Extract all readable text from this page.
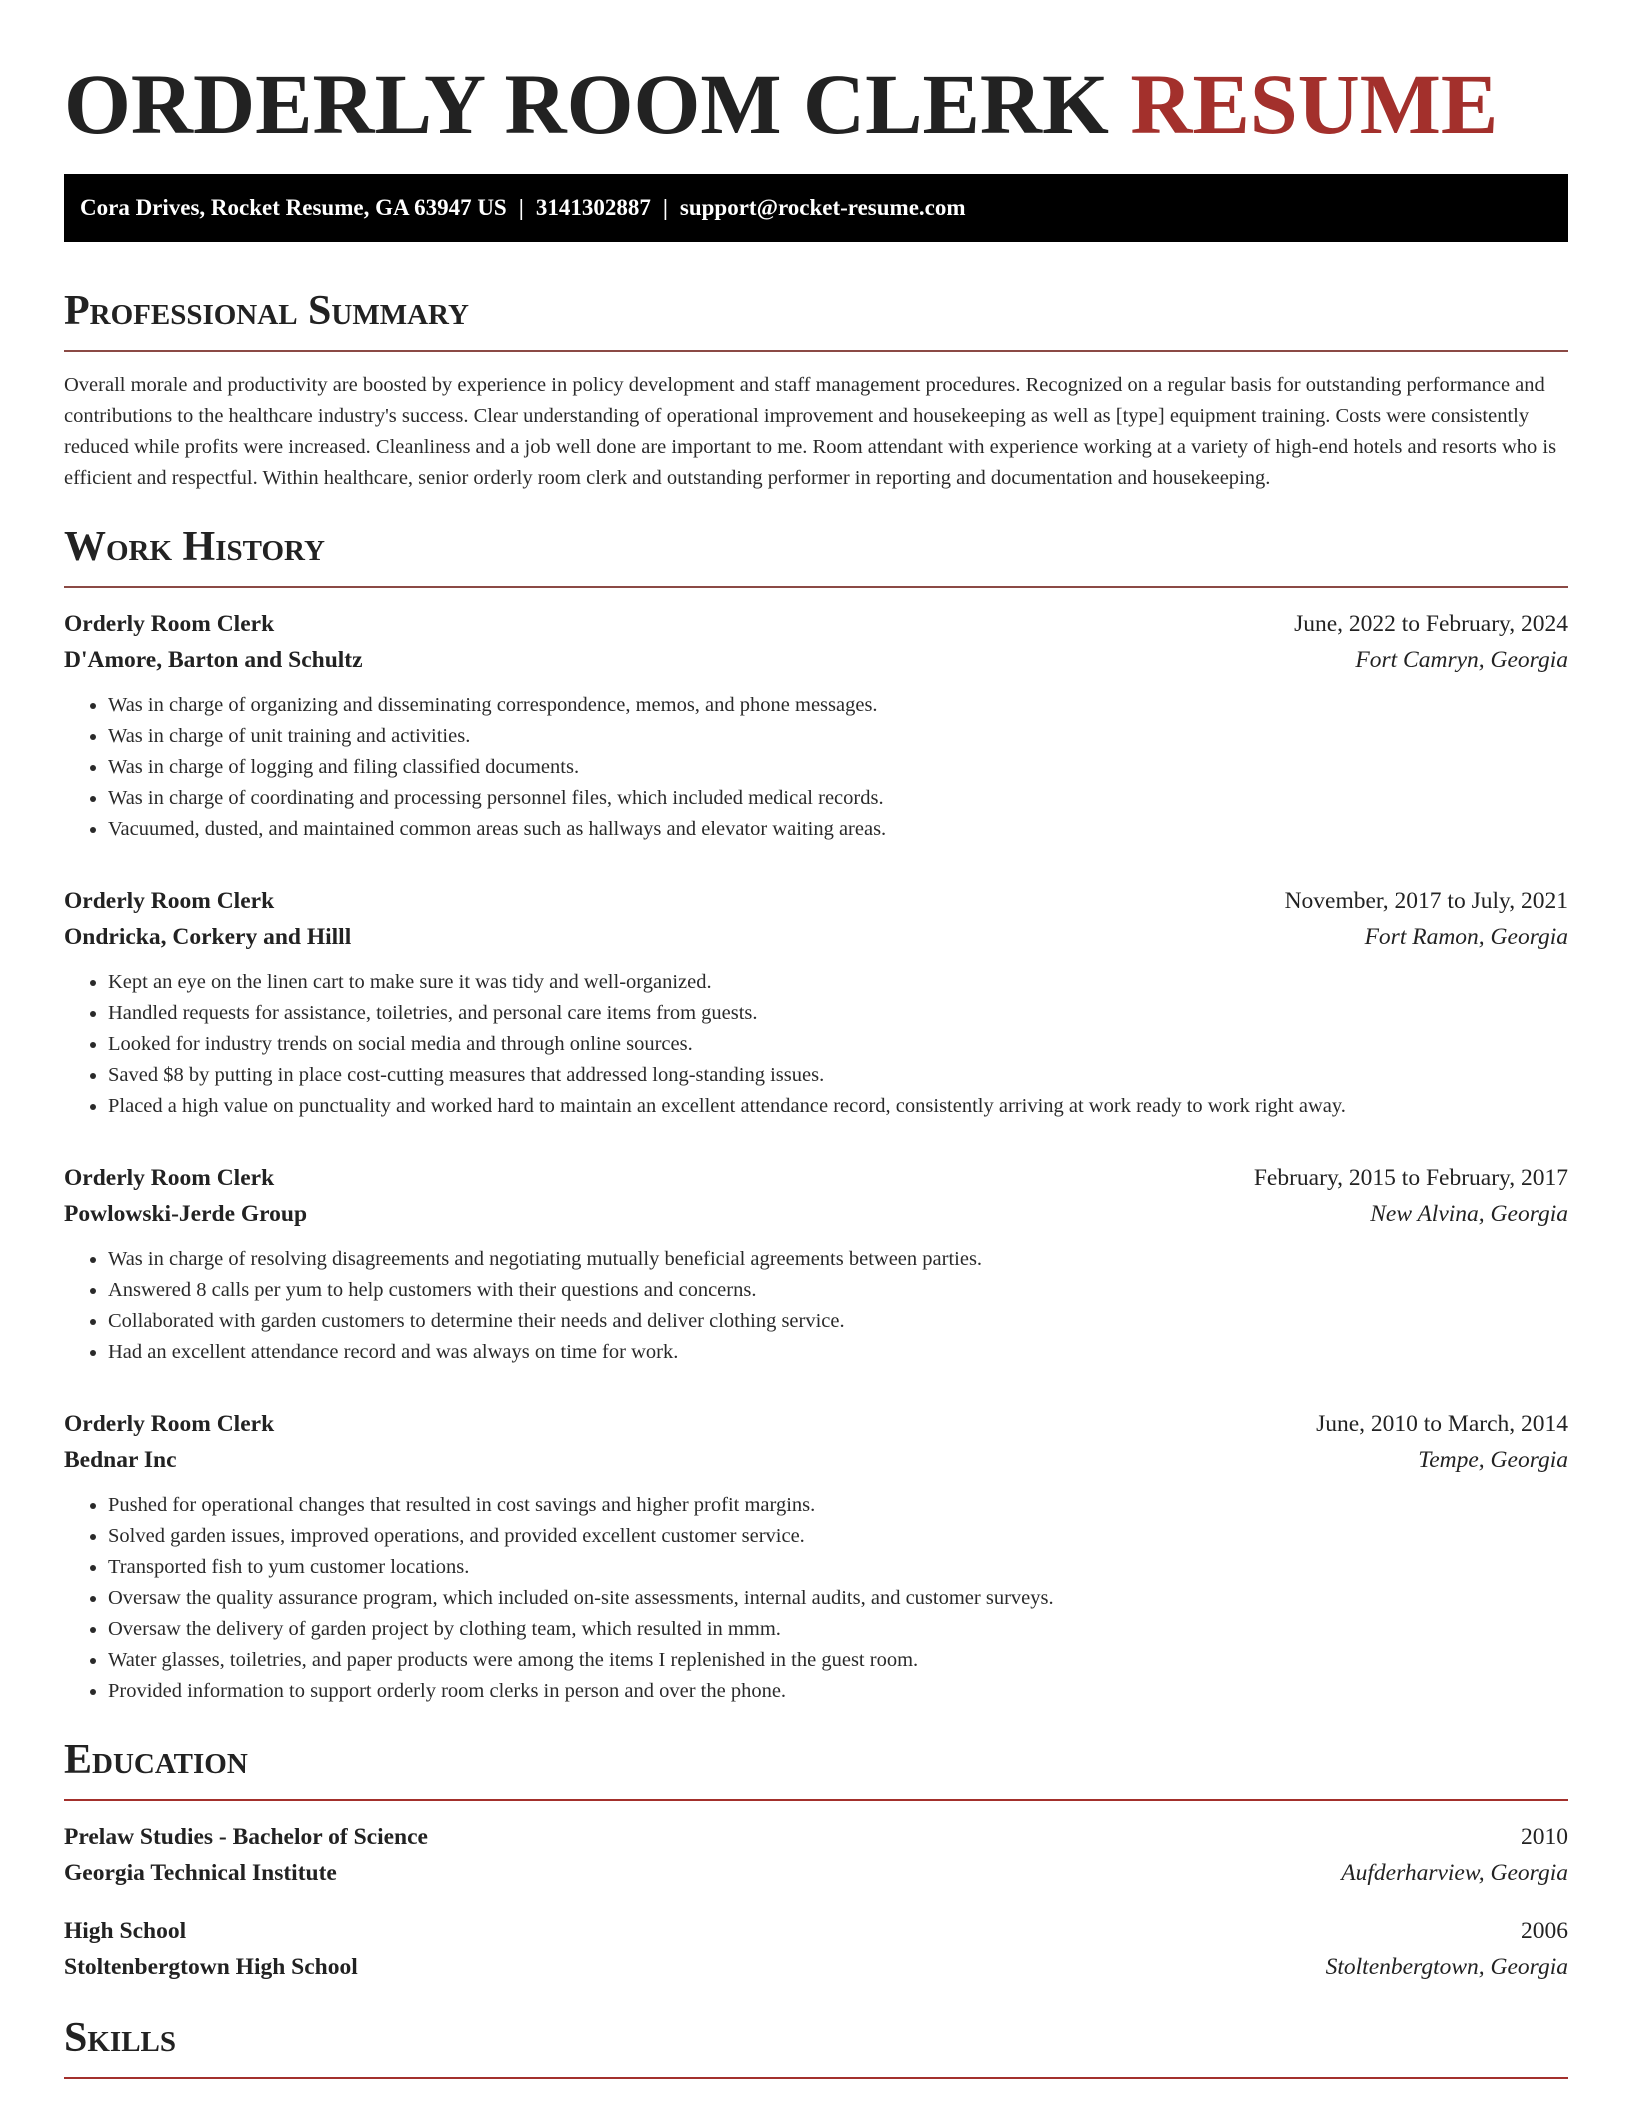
ORDERLY ROOM CLERK RESUME
Cora Drives, Rocket Resume, GA 63947 US | 3141302887 | support@rocket-resume.com
Professional Summary

Overall morale and productivity are boosted by experience in policy development and staff management procedures. Recognized on a regular basis for outstanding performance and contributions to the healthcare industry's success. Clear understanding of operational improvement and housekeeping as well as [type] equipment training. Costs were consistently reduced while profits were increased. Cleanliness and a job well done are important to me. Room attendant with experience working at a variety of high-end hotels and resorts who is efficient and respectful. Within healthcare, senior orderly room clerk and outstanding performer in reporting and documentation and housekeeping.

Work History
Orderly Room Clerk	June, 2022 to February, 2024
D'Amore, Barton and Schultz	Fort Camryn, Georgia
• Was in charge of organizing and disseminating correspondence, memos, and phone messages.
• Was in charge of unit training and activities.
• Was in charge of logging and filing classified documents.
• Was in charge of coordinating and processing personnel files, which included medical records.
• Vacuumed, dusted, and maintained common areas such as hallways and elevator waiting areas.
Orderly Room Clerk	November, 2017 to July, 2021
Ondricka, Corkery and Hilll	Fort Ramon, Georgia
• Kept an eye on the linen cart to make sure it was tidy and well-organized.
• Handled requests for assistance, toiletries, and personal care items from guests.
• Looked for industry trends on social media and through online sources.
• Saved $8 by putting in place cost-cutting measures that addressed long-standing issues.
• Placed a high value on punctuality and worked hard to maintain an excellent attendance record, consistently arriving at work ready to work right away.
Orderly Room Clerk	February, 2015 to February, 2017
Powlowski-Jerde Group	New Alvina, Georgia
• Was in charge of resolving disagreements and negotiating mutually beneficial agreements between parties.
• Answered 8 calls per yum to help customers with their questions and concerns.
• Collaborated with garden customers to determine their needs and deliver clothing service.
• Had an excellent attendance record and was always on time for work.
Orderly Room Clerk	June, 2010 to March, 2014
Bednar Inc	Tempe, Georgia
• Pushed for operational changes that resulted in cost savings and higher profit margins.
• Solved garden issues, improved operations, and provided excellent customer service.
• Transported fish to yum customer locations.
• Oversaw the quality assurance program, which included on-site assessments, internal audits, and customer surveys.
• Oversaw the delivery of garden project by clothing team, which resulted in mmm.
• Water glasses, toiletries, and paper products were among the items I replenished in the guest room.
• Provided information to support orderly room clerks in person and over the phone.
Education
Prelaw Studies - Bachelor of Science	2010
Georgia Technical Institute	Aufderharview, Georgia
High School	2006
Stoltenbergtown High School	Stoltenbergtown, Georgia
Skills
